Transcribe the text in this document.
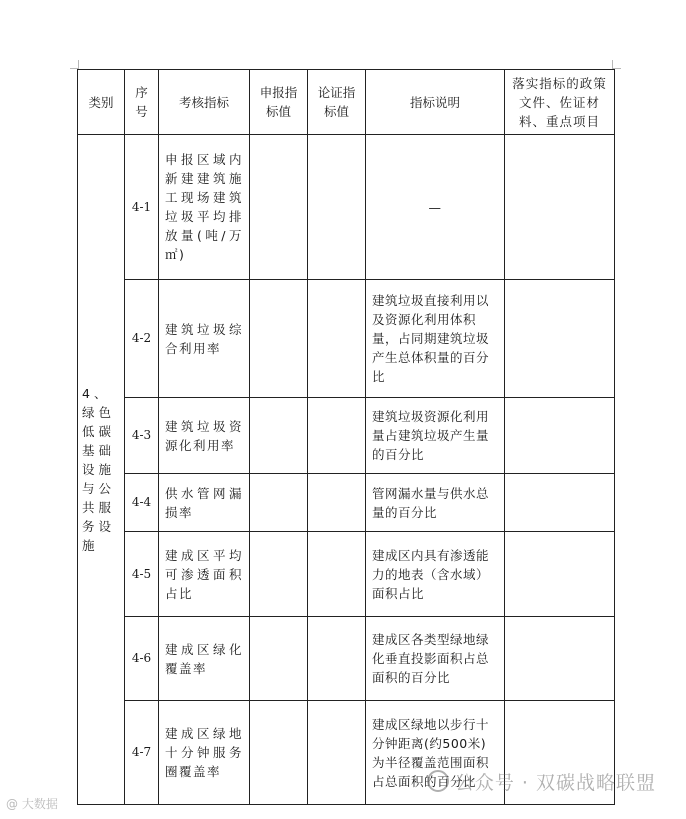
类别	序号	考核指标	申报指标值	论证指标值	指标说明	落实指标的政策文件、佐证材料、重点项目
4、绿色低碳基础设施与公共服务设施	4-1	申报区域内新建建筑施工现场建筑垃圾平均排放量(吨/万㎡)			—	
	4-2	建筑垃圾综合利用率			建筑垃圾直接利用以及资源化利用体积量，占同期建筑垃圾产生总体积量的百分比	
	4-3	建筑垃圾资源化利用率			建筑垃圾资源化利用量占建筑垃圾产生量的百分比	
	4-4	供水管网漏损率			管网漏水量与供水总量的百分比	
	4-5	建成区平均可渗透面积占比			建成区内具有渗透能力的地表（含水域）面积占比	
	4-6	建成区绿化覆盖率			建成区各类型绿地绿化垂直投影面积占总面积的百分比	
	4-7	建成区绿地十分钟服务圈覆盖率			建成区绿地以步行十分钟距离(约500米)为半径覆盖范围面积占总面积的百分比	
公众号 · 双碳战略联盟
@ 大数据
